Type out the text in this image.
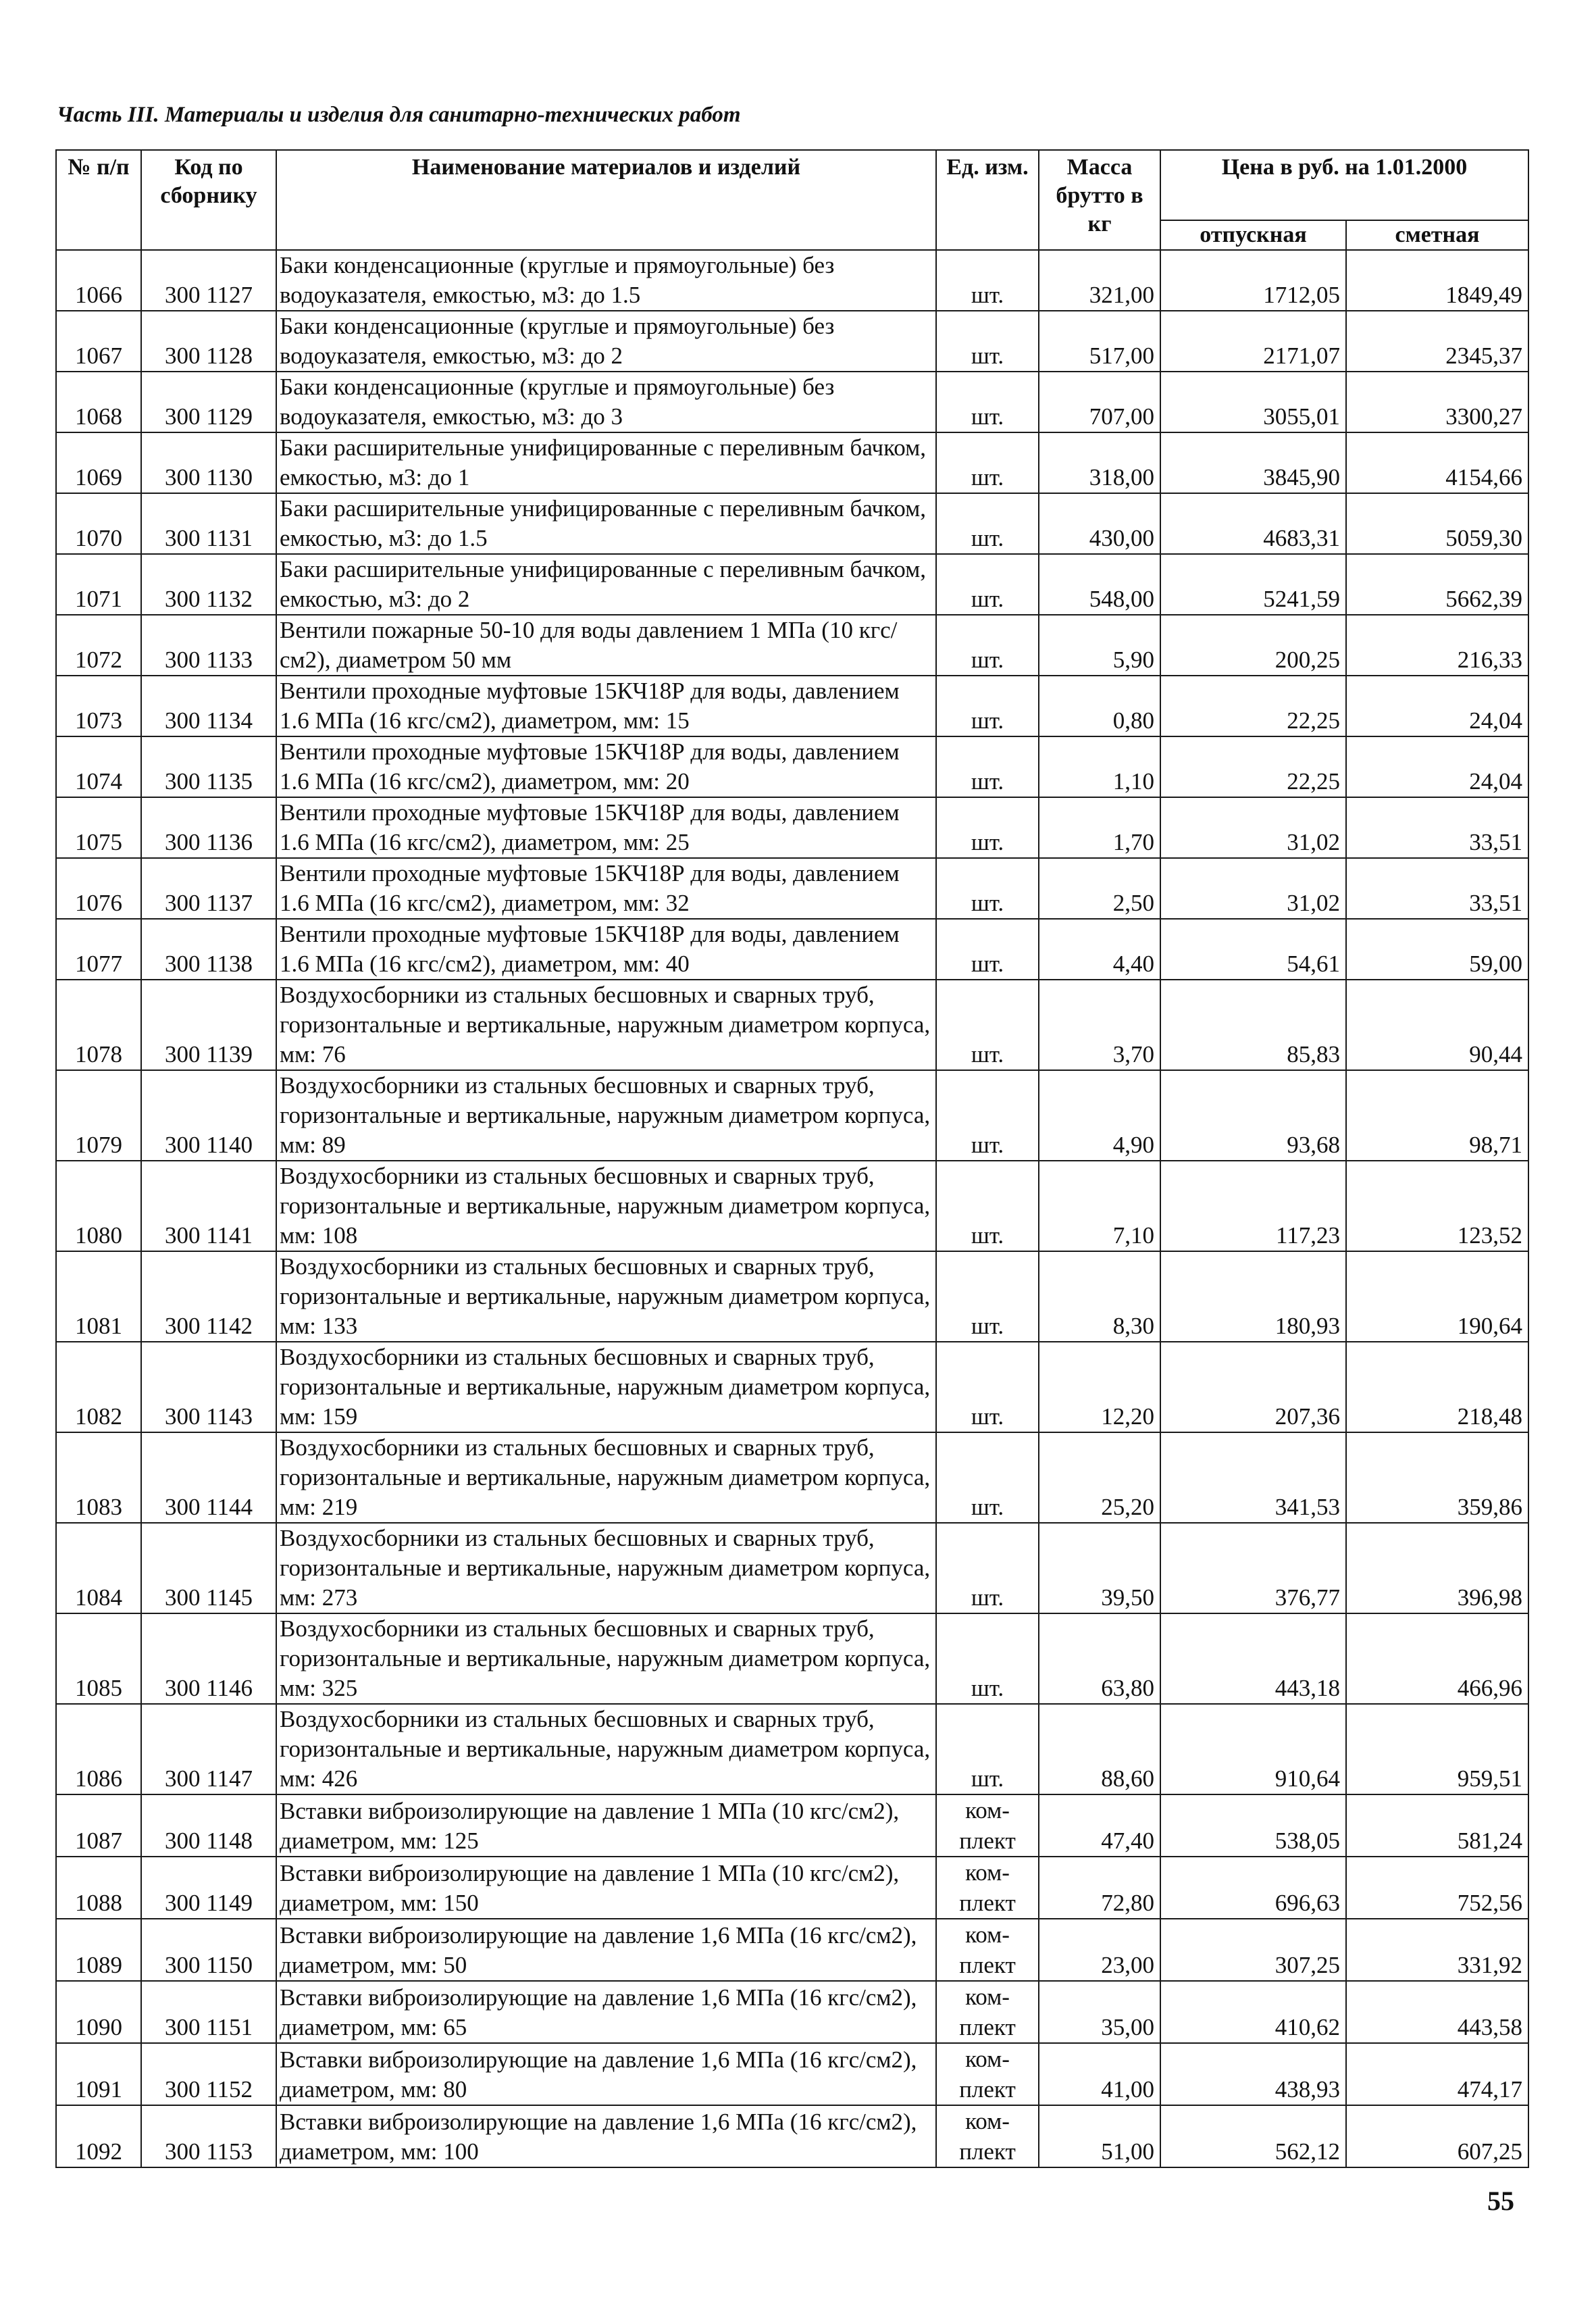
Часть III. Материалы и изделия для санитарно-технических работ
№ п/п	Код по сборнику	Наименование материалов и изделий	Ед. изм.	Масса брутто в кг	Цена в руб. на 1.01.2000	
					отпускная	сметная
1066	300 1127	Баки конденсационные (круглые и прямоугольные) без водоуказателя, емкостью, м3: до 1.5	шт.	321,00	1712,05	1849,49
1067	300 1128	Баки конденсационные (круглые и прямоугольные) без водоуказателя, емкостью, м3: до 2	шт.	517,00	2171,07	2345,37
1068	300 1129	Баки конденсационные (круглые и прямоугольные) без водоуказателя, емкостью, м3: до 3	шт.	707,00	3055,01	3300,27
1069	300 1130	Баки расширительные унифицированные с переливным бачком, емкостью, м3: до 1	шт.	318,00	3845,90	4154,66
1070	300 1131	Баки расширительные унифицированные с переливным бачком, емкостью, м3: до 1.5	шт.	430,00	4683,31	5059,30
1071	300 1132	Баки расширительные унифицированные с переливным бачком, емкостью, м3: до 2	шт.	548,00	5241,59	5662,39
1072	300 1133	Вентили пожарные 50-10 для воды давлением 1 МПа (10 кгс/см2), диаметром 50 мм	шт.	5,90	200,25	216,33
1073	300 1134	Вентили проходные муфтовые 15КЧ18Р для воды, давлением 1.6 МПа (16 кгс/см2), диаметром, мм: 15	шт.	0,80	22,25	24,04
1074	300 1135	Вентили проходные муфтовые 15КЧ18Р для воды, давлением 1.6 МПа (16 кгс/см2), диаметром, мм: 20	шт.	1,10	22,25	24,04
1075	300 1136	Вентили проходные муфтовые 15КЧ18Р для воды, давлением 1.6 МПа (16 кгс/см2), диаметром, мм: 25	шт.	1,70	31,02	33,51
1076	300 1137	Вентили проходные муфтовые 15КЧ18Р для воды, давлением 1.6 МПа (16 кгс/см2), диаметром, мм: 32	шт.	2,50	31,02	33,51
1077	300 1138	Вентили проходные муфтовые 15КЧ18Р для воды, давлением 1.6 МПа (16 кгс/см2), диаметром, мм: 40	шт.	4,40	54,61	59,00
1078	300 1139	Воздухосборники из стальных бесшовных и сварных труб, горизонтальные и вертикальные, наружным диаметром корпуса, мм: 76	шт.	3,70	85,83	90,44
1079	300 1140	Воздухосборники из стальных бесшовных и сварных труб, горизонтальные и вертикальные, наружным диаметром корпуса, мм: 89	шт.	4,90	93,68	98,71
1080	300 1141	Воздухосборники из стальных бесшовных и сварных труб, горизонтальные и вертикальные, наружным диаметром корпуса, мм: 108	шт.	7,10	117,23	123,52
1081	300 1142	Воздухосборники из стальных бесшовных и сварных труб, горизонтальные и вертикальные, наружным диаметром корпуса, мм: 133	шт.	8,30	180,93	190,64
1082	300 1143	Воздухосборники из стальных бесшовных и сварных труб, горизонтальные и вертикальные, наружным диаметром корпуса, мм: 159	шт.	12,20	207,36	218,48
1083	300 1144	Воздухосборники из стальных бесшовных и сварных труб, горизонтальные и вертикальные, наружным диаметром корпуса, мм: 219	шт.	25,20	341,53	359,86
1084	300 1145	Воздухосборники из стальных бесшовных и сварных труб, горизонтальные и вертикальные, наружным диаметром корпуса, мм: 273	шт.	39,50	376,77	396,98
1085	300 1146	Воздухосборники из стальных бесшовных и сварных труб, горизонтальные и вертикальные, наружным диаметром корпуса, мм: 325	шт.	63,80	443,18	466,96
1086	300 1147	Воздухосборники из стальных бесшовных и сварных труб, горизонтальные и вертикальные, наружным диаметром корпуса, мм: 426	шт.	88,60	910,64	959,51
1087	300 1148	Вставки виброизолирующие на давление 1 МПа (10 кгс/см2), диаметром, мм: 125	ком- плект	47,40	538,05	581,24
1088	300 1149	Вставки виброизолирующие на давление 1 МПа (10 кгс/см2), диаметром, мм: 150	ком- плект	72,80	696,63	752,56
1089	300 1150	Вставки виброизолирующие на давление 1,6 МПа (16 кгс/см2), диаметром, мм: 50	ком- плект	23,00	307,25	331,92
1090	300 1151	Вставки виброизолирующие на давление 1,6 МПа (16 кгс/см2), диаметром, мм: 65	ком- плект	35,00	410,62	443,58
1091	300 1152	Вставки виброизолирующие на давление 1,6 МПа (16 кгс/см2), диаметром, мм: 80	ком- плект	41,00	438,93	474,17
1092	300 1153	Вставки виброизолирующие на давление 1,6 МПа (16 кгс/см2), диаметром, мм: 100	ком- плект	51,00	562,12	607,25
55
